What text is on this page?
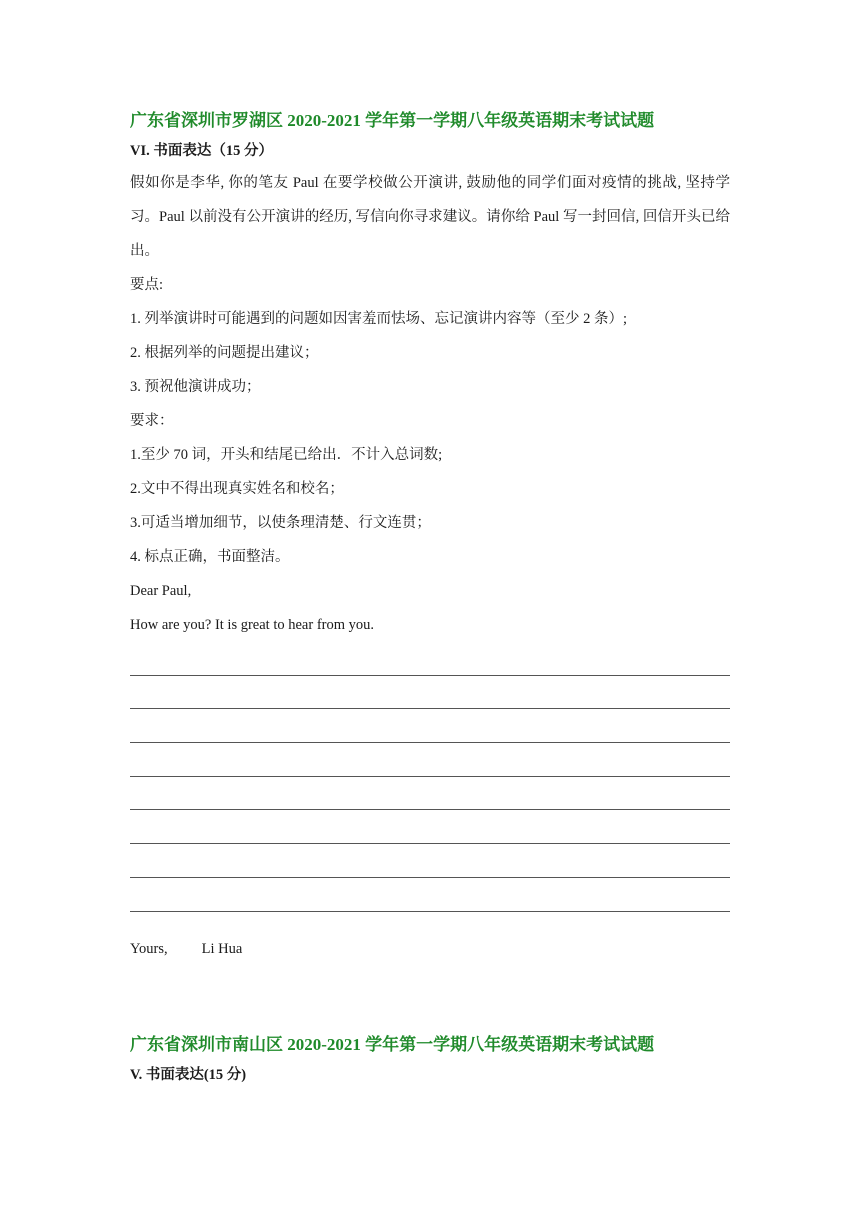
广东省深圳市罗湖区 2020-2021 学年第一学期八年级英语期末考试试题

VI. 书面表达（15 分）

假如你是李华, 你的笔友 Paul 在要学校做公开演讲, 鼓励他的同学们面对疫情的挑战, 坚持学习。Paul 以前没有公开演讲的经历, 写信向你寻求建议。请你给 Paul 写一封回信, 回信开头已给出。

要点:

1. 列举演讲时可能遇到的问题如因害羞而怯场、忘记演讲内容等（至少 2 条）;

2. 根据列举的问题提出建议；

3. 预祝他演讲成功；

要求：

1.至少 70 词，开头和结尾已给出．不计入总词数;

2.文中不得出现真实姓名和校名；

3.可适当增加细节，以使条理清楚、行文连贯；

4. 标点正确，书面整洁。

Dear Paul,

How are you? It is great to hear from you.

Yours, Li Hua

广东省深圳市南山区 2020-2021 学年第一学期八年级英语期末考试试题

V. 书面表达(15 分)
